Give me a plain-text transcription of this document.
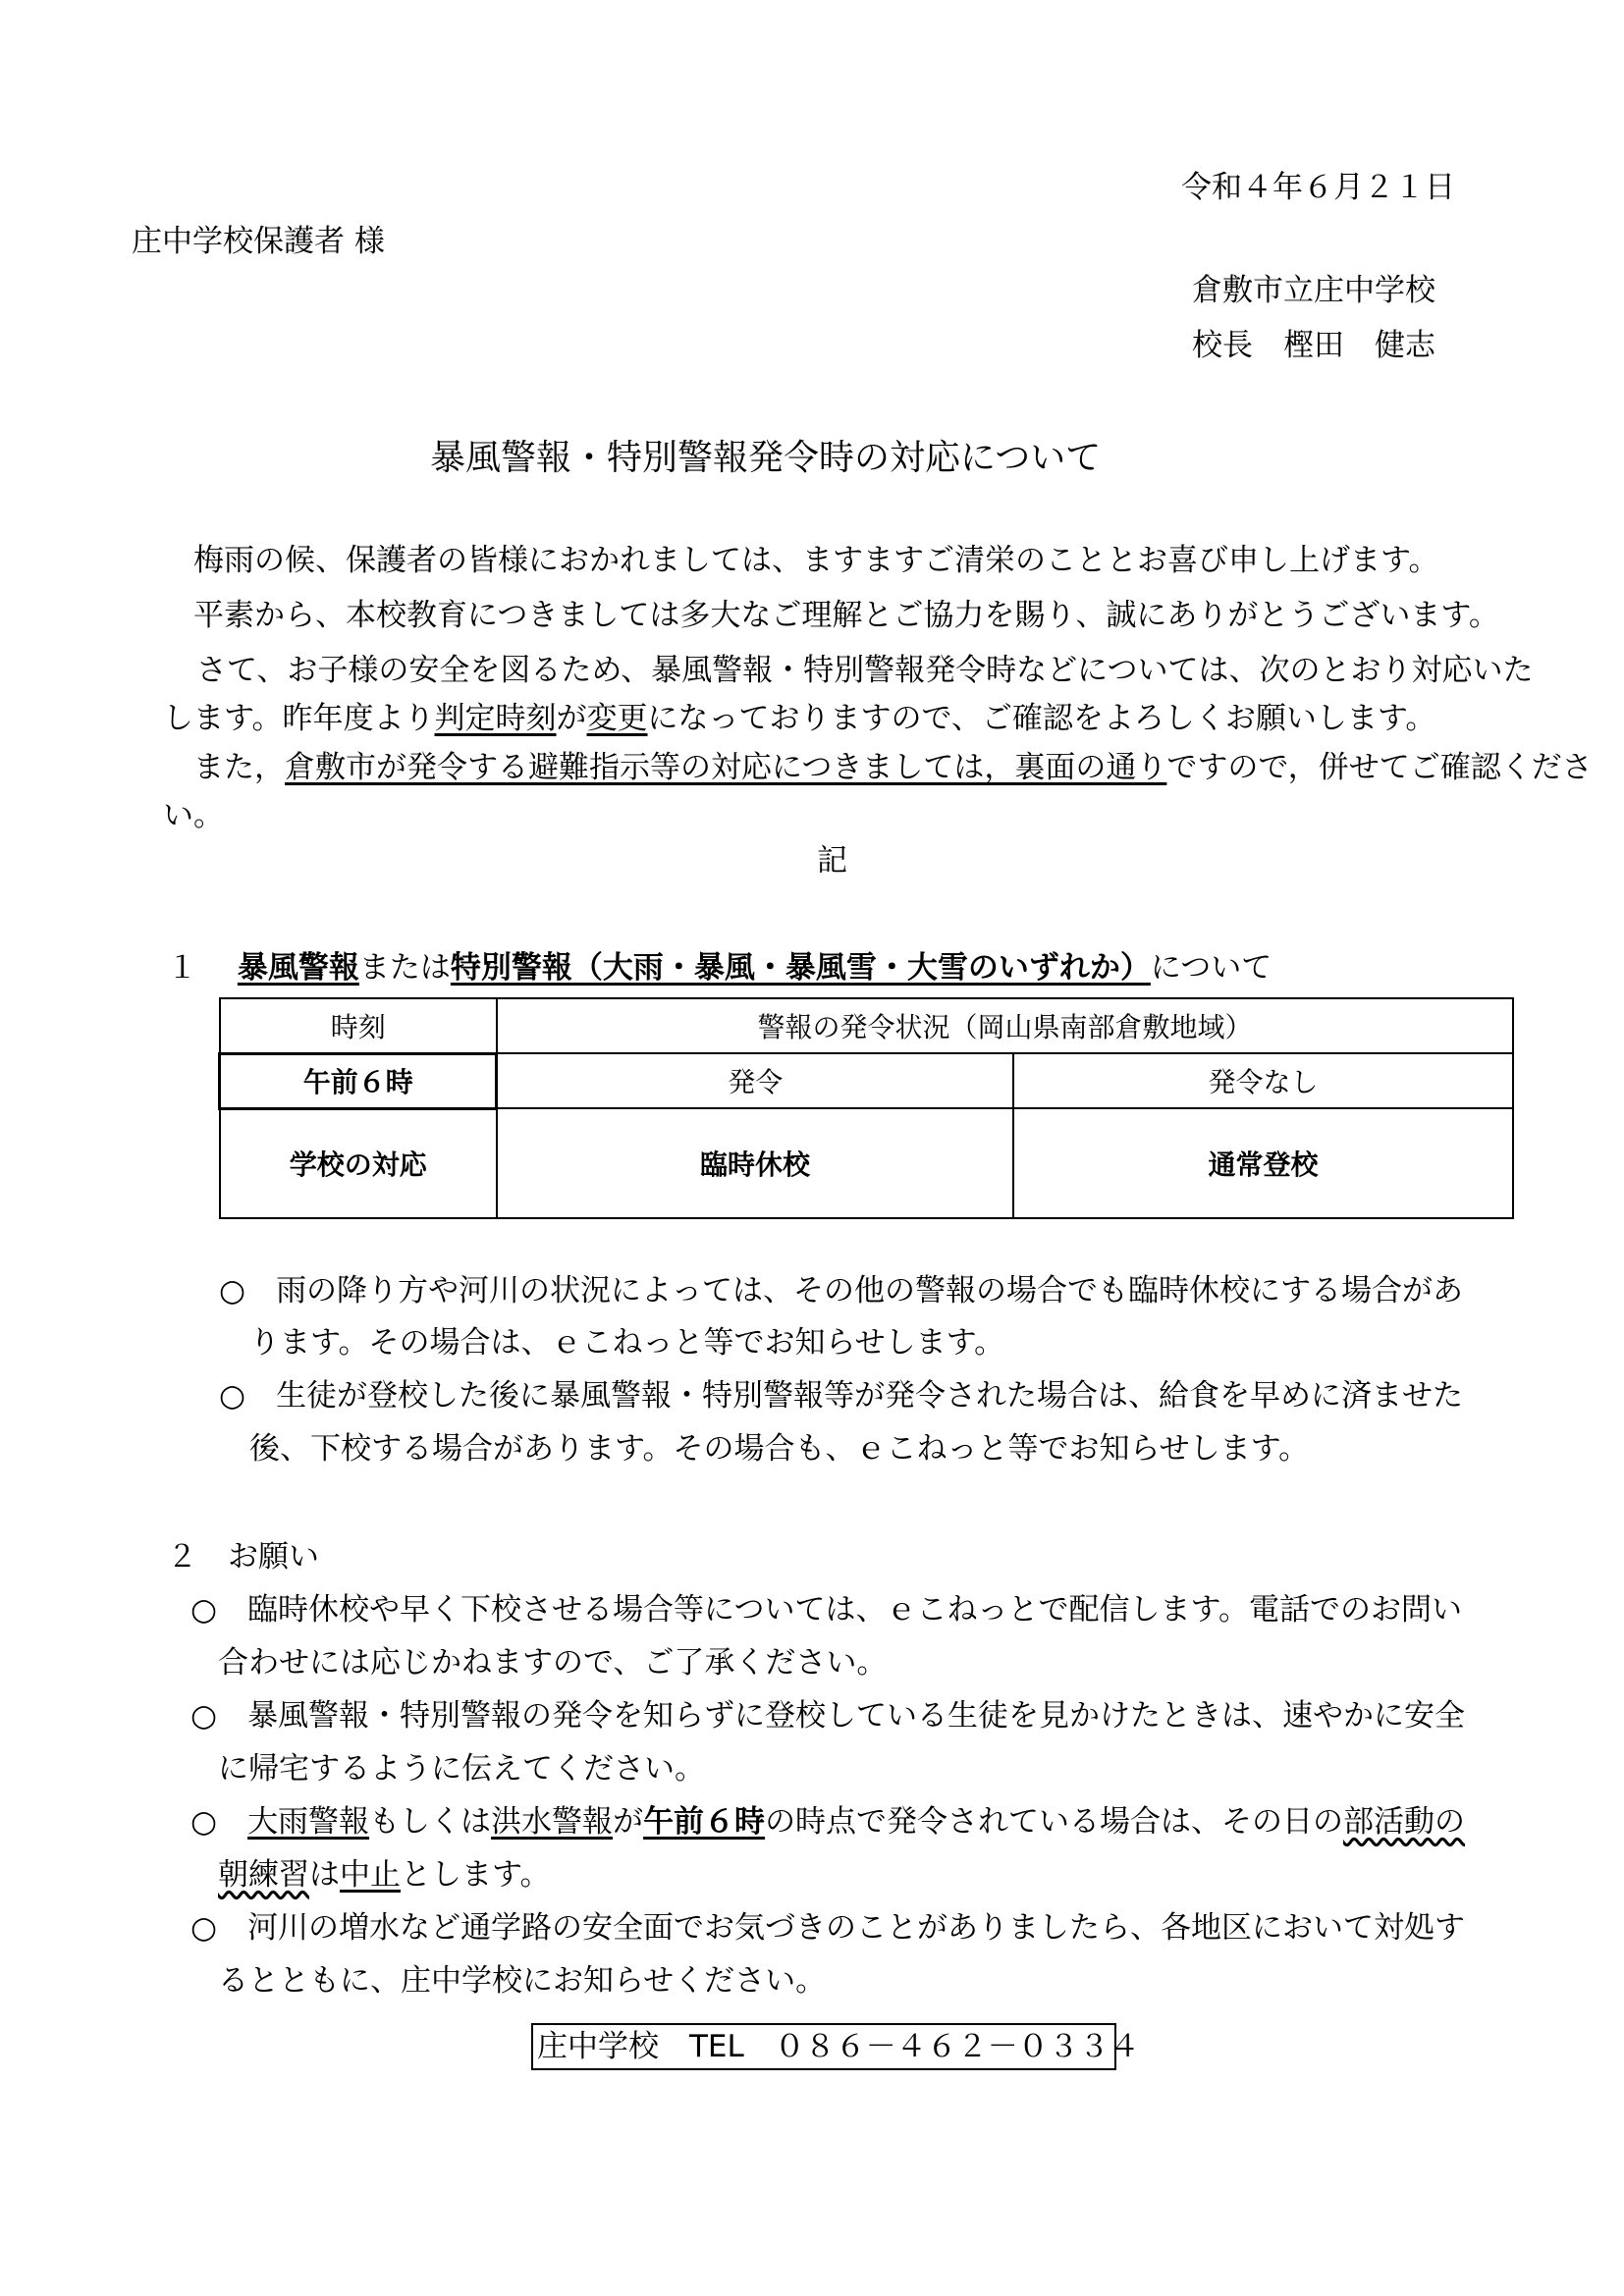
令和４年６月２１日
庄中学校保護者 様
倉敷市立庄中学校
校長　樫田　健志
暴風警報・特別警報発令時の対応について
梅雨の候、保護者の皆様におかれましては、ますますご清栄のこととお喜び申し上げます。
平素から、本校教育につきましては多大なご理解とご協力を賜り、誠にありがとうございます。
さて、お子様の安全を図るため、暴風警報・特別警報発令時などについては、次のとおり対応いた
します。昨年度より判定時刻が変更になっておりますので、ご確認をよろしくお願いします。
また，倉敷市が発令する避難指示等の対応につきましては，裏面の通りですので，併せてご確認くださ
い。
記
１　 暴風警報または特別警報（大雨・暴風・暴風雪・大雪のいずれか）について
時刻	警報の発令状況（岡山県南部倉敷地域）	
午前６時	発令	発令なし
学校の対応	臨時休校	通常登校
○　 雨の降り方や河川の状況によっては、その他の警報の場合でも臨時休校にする場合があ
ります。その場合は、ｅこねっと等でお知らせします。
○　 生徒が登校した後に暴風警報・特別警報等が発令された場合は、給食を早めに済ませた
後、下校する場合があります。その場合も、ｅこねっと等でお知らせします。
２　 お願い
○　 臨時休校や早く下校させる場合等については、ｅこねっとで配信します。電話でのお問い
合わせには応じかねますので、ご了承ください。
○　 暴風警報・特別警報の発令を知らずに登校している生徒を見かけたときは、速やかに安全
に帰宅するように伝えてください。
○　 大雨警報もしくは洪水警報が午前６時の時点で発令されている場合は、その日の部活動の
朝練習は中止とします。
○　 河川の増水など通学路の安全面でお気づきのことがありましたら、各地区において対処す
るとともに、庄中学校にお知らせください。
庄中学校　 TEL　 ０８６－４６２－０３３４
